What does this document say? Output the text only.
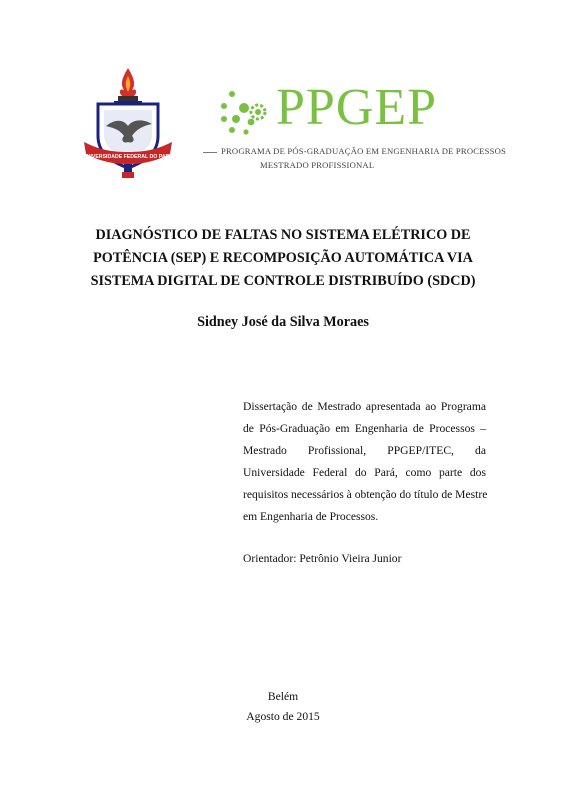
UNIVERSIDADE FEDERAL DO PARÁ
PPGEP
PROGRAMA DE PÓS-GRADUAÇÃO EM ENGENHARIA DE PROCESSOS
MESTRADO PROFISSIONAL
DIAGNÓSTICO DE FALTAS NO SISTEMA ELÉTRICO DE
POTÊNCIA (SEP) E RECOMPOSIÇÃO AUTOMÁTICA VIA
SISTEMA DIGITAL DE CONTROLE DISTRIBUÍDO (SDCD)
Sidney José da Silva Moraes
Dissertação de Mestrado apresentada ao Programa
de Pós-Graduação em Engenharia de Processos –
Mestrado Profissional, PPGEP/ITEC, da
Universidade Federal do Pará, como parte dos
requisitos necessários à obtenção do título de Mestre
em Engenharia de Processos.
Orientador: Petrônio Vieira Junior
Belém
Agosto de 2015
